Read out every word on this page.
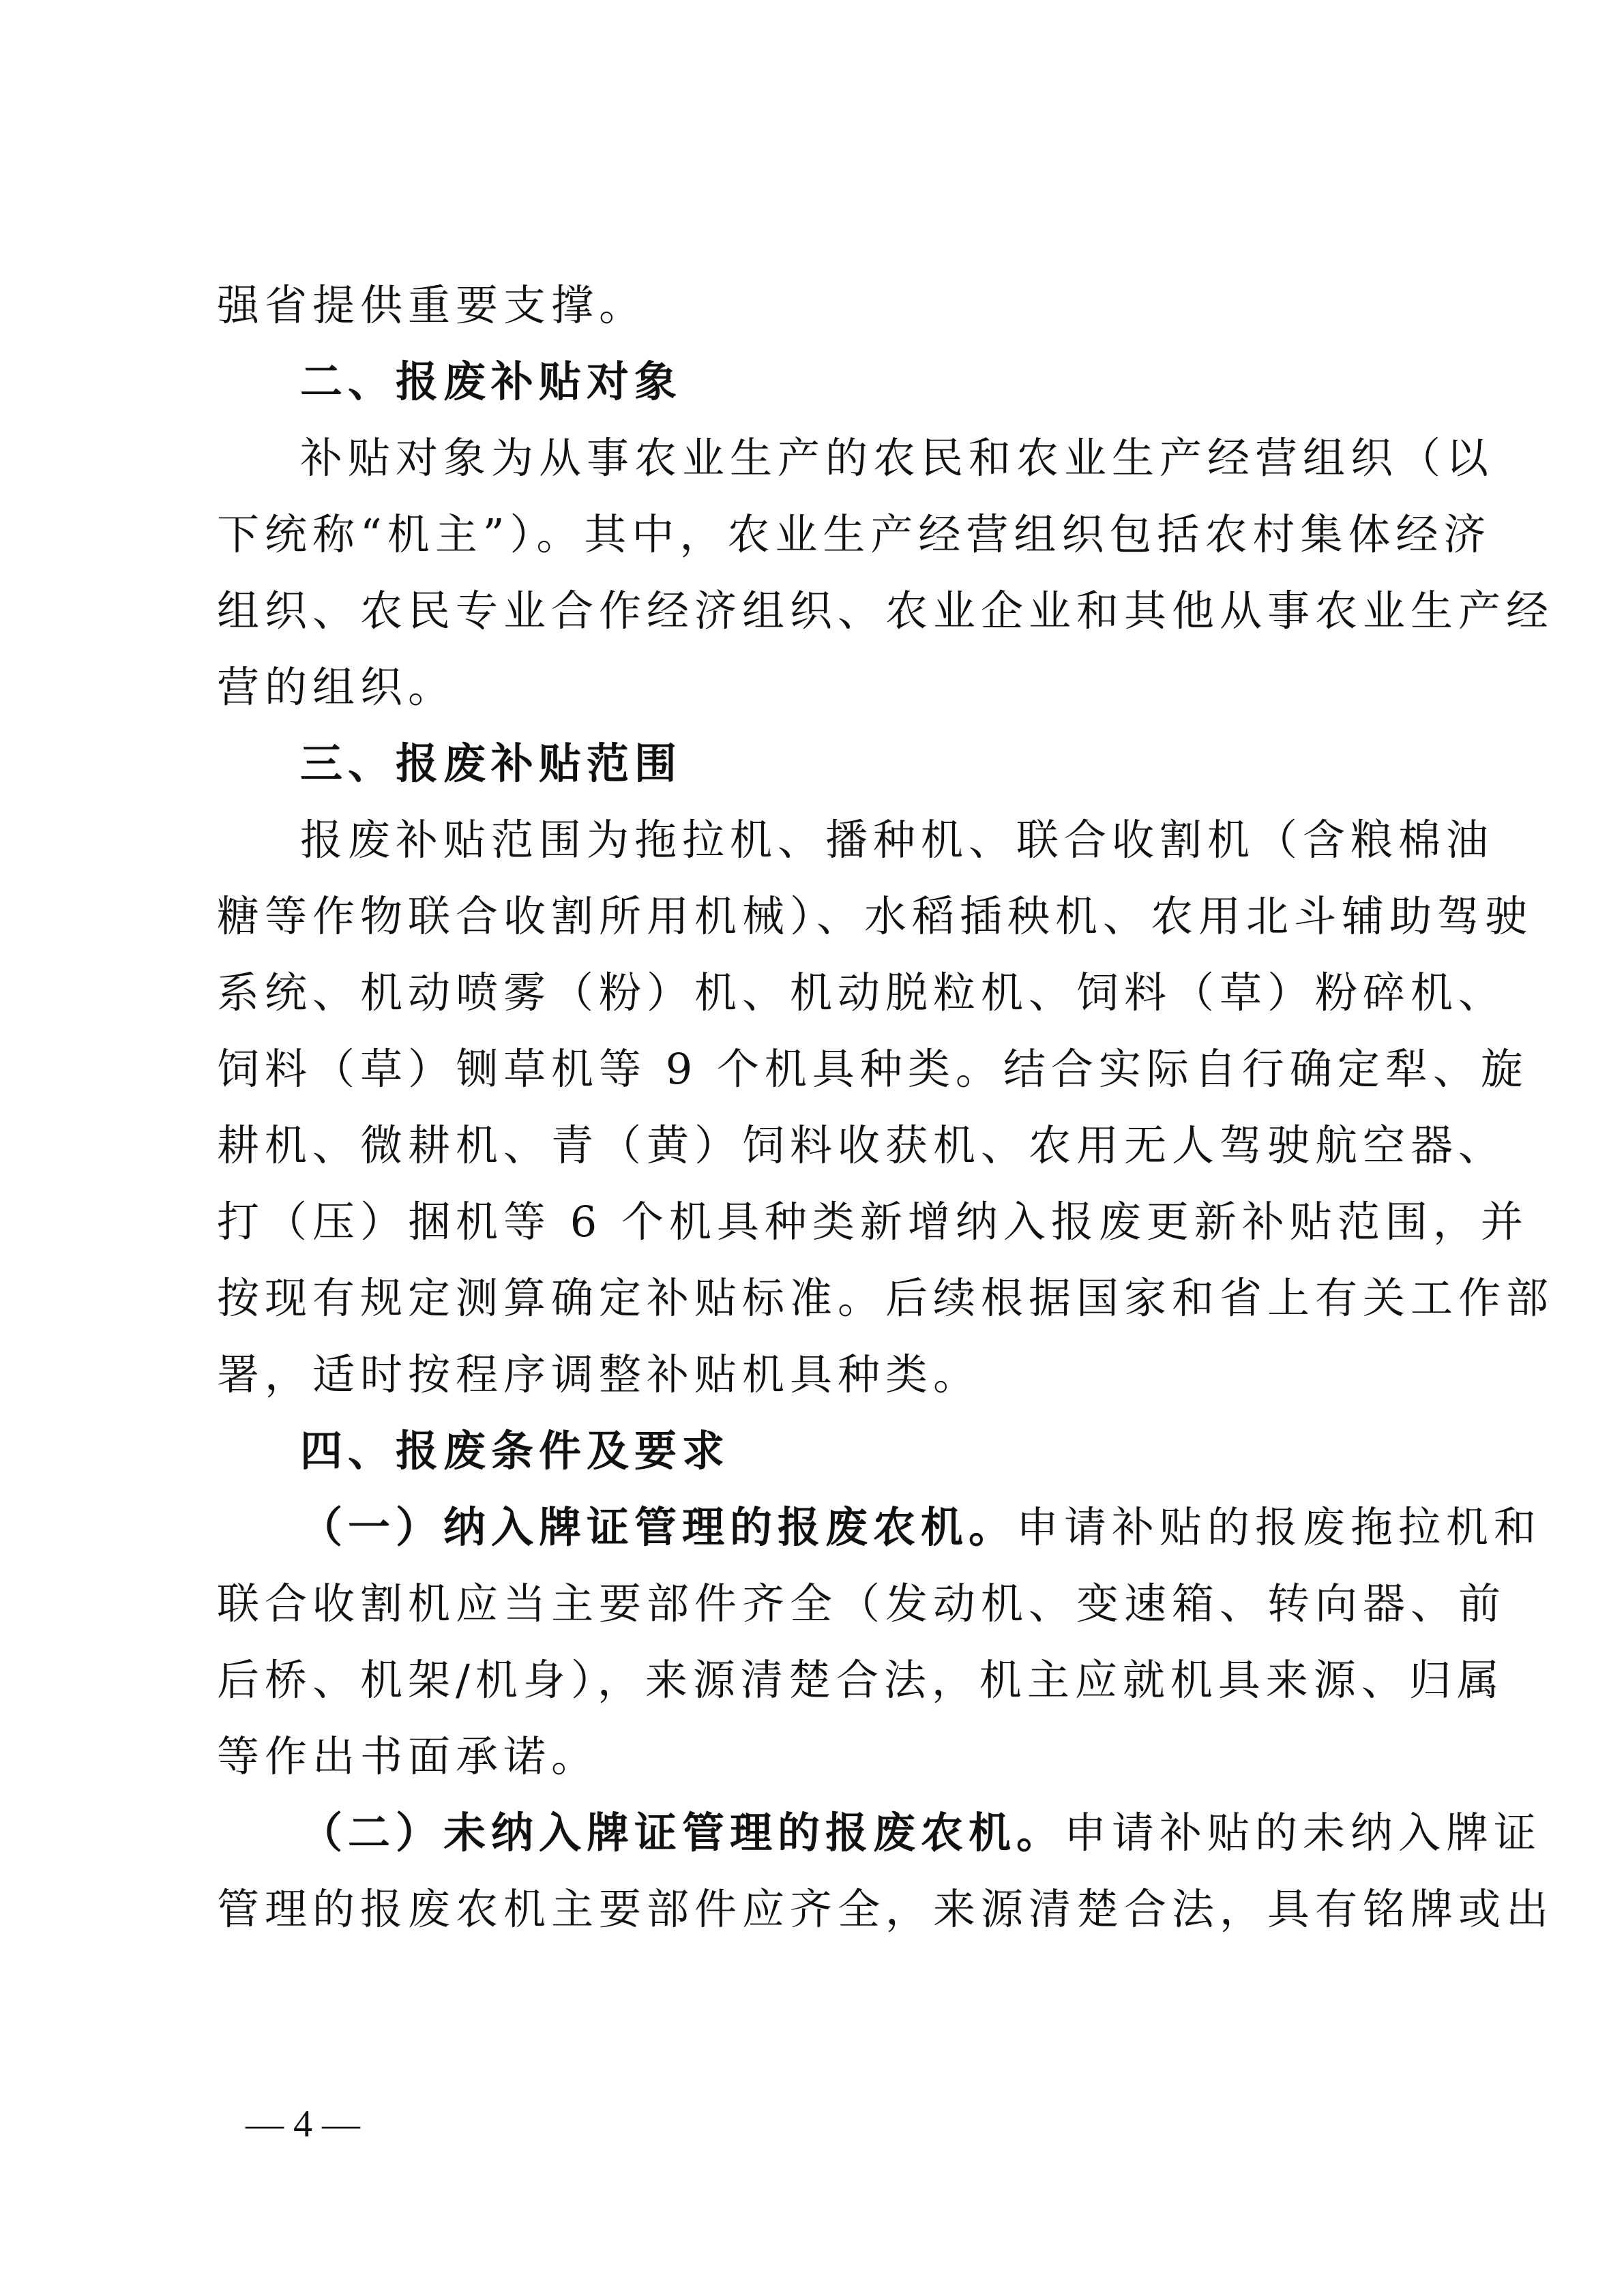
强省提供重要支撑。
二、报废补贴对象
补贴对象为从事农业生产的农民和农业生产经营组织（以
下统称“机主”）。其中，农业生产经营组织包括农村集体经济
组织、农民专业合作经济组织、农业企业和其他从事农业生产经
营的组织。
三、报废补贴范围
报废补贴范围为拖拉机、播种机、联合收割机（含粮棉油
糖等作物联合收割所用机械）、水稻插秧机、农用北斗辅助驾驶
系统、机动喷雾（粉）机、机动脱粒机、饲料（草）粉碎机、
饲料（草）铡草机等 9 个机具种类。结合实际自行确定犁、旋
耕机、微耕机、青（黄）饲料收获机、农用无人驾驶航空器、
打（压）捆机等 6 个机具种类新增纳入报废更新补贴范围，并
按现有规定测算确定补贴标准。后续根据国家和省上有关工作部
署，适时按程序调整补贴机具种类。
四、报废条件及要求
（一）纳入牌证管理的报废农机。申请补贴的报废拖拉机和
联合收割机应当主要部件齐全（发动机、变速箱、转向器、前
后桥、机架/机身），来源清楚合法，机主应就机具来源、归属
等作出书面承诺。
（二）未纳入牌证管理的报废农机。申请补贴的未纳入牌证
管理的报废农机主要部件应齐全，来源清楚合法，具有铭牌或出
— 4 —
